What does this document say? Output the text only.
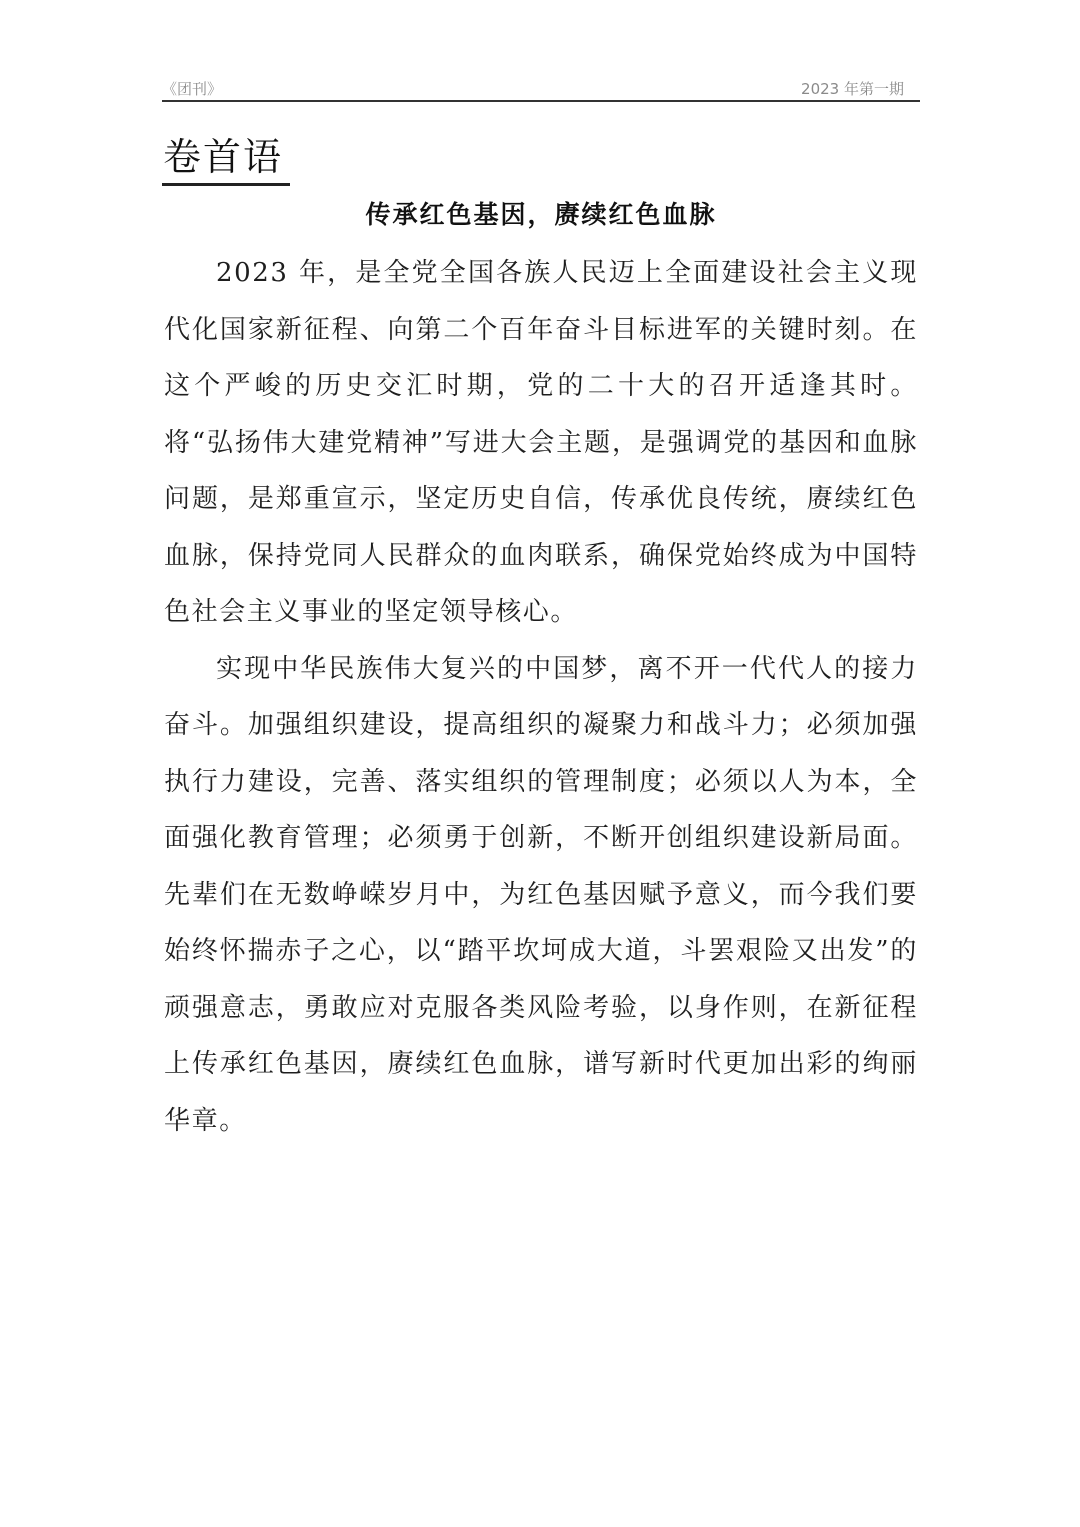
《团刊》	2023 年第一期
卷首语
传承红色基因，赓续红色血脉

2023 年，是全党全国各族人民迈上全面建设社会主义现代化国家新征程、向第二个百年奋斗目标进军的关键时刻。在这个严峻的历史交汇时期，党的二十大的召开适逢其时。将“弘扬伟大建党精神”写进大会主题，是强调党的基因和血脉问题，是郑重宣示，坚定历史自信，传承优良传统，赓续红色血脉，保持党同人民群众的血肉联系，确保党始终成为中国特色社会主义事业的坚定领导核心。

实现中华民族伟大复兴的中国梦，离不开一代代人的接力奋斗。加强组织建设，提高组织的凝聚力和战斗力；必须加强执行力建设，完善、落实组织的管理制度；必须以人为本，全面强化教育管理；必须勇于创新，不断开创组织建设新局面。先辈们在无数峥嵘岁月中，为红色基因赋予意义，而今我们要始终怀揣赤子之心，以“踏平坎坷成大道，斗罢艰险又出发”的顽强意志，勇敢应对克服各类风险考验，以身作则，在新征程上传承红色基因，赓续红色血脉，谱写新时代更加出彩的绚丽华章。
